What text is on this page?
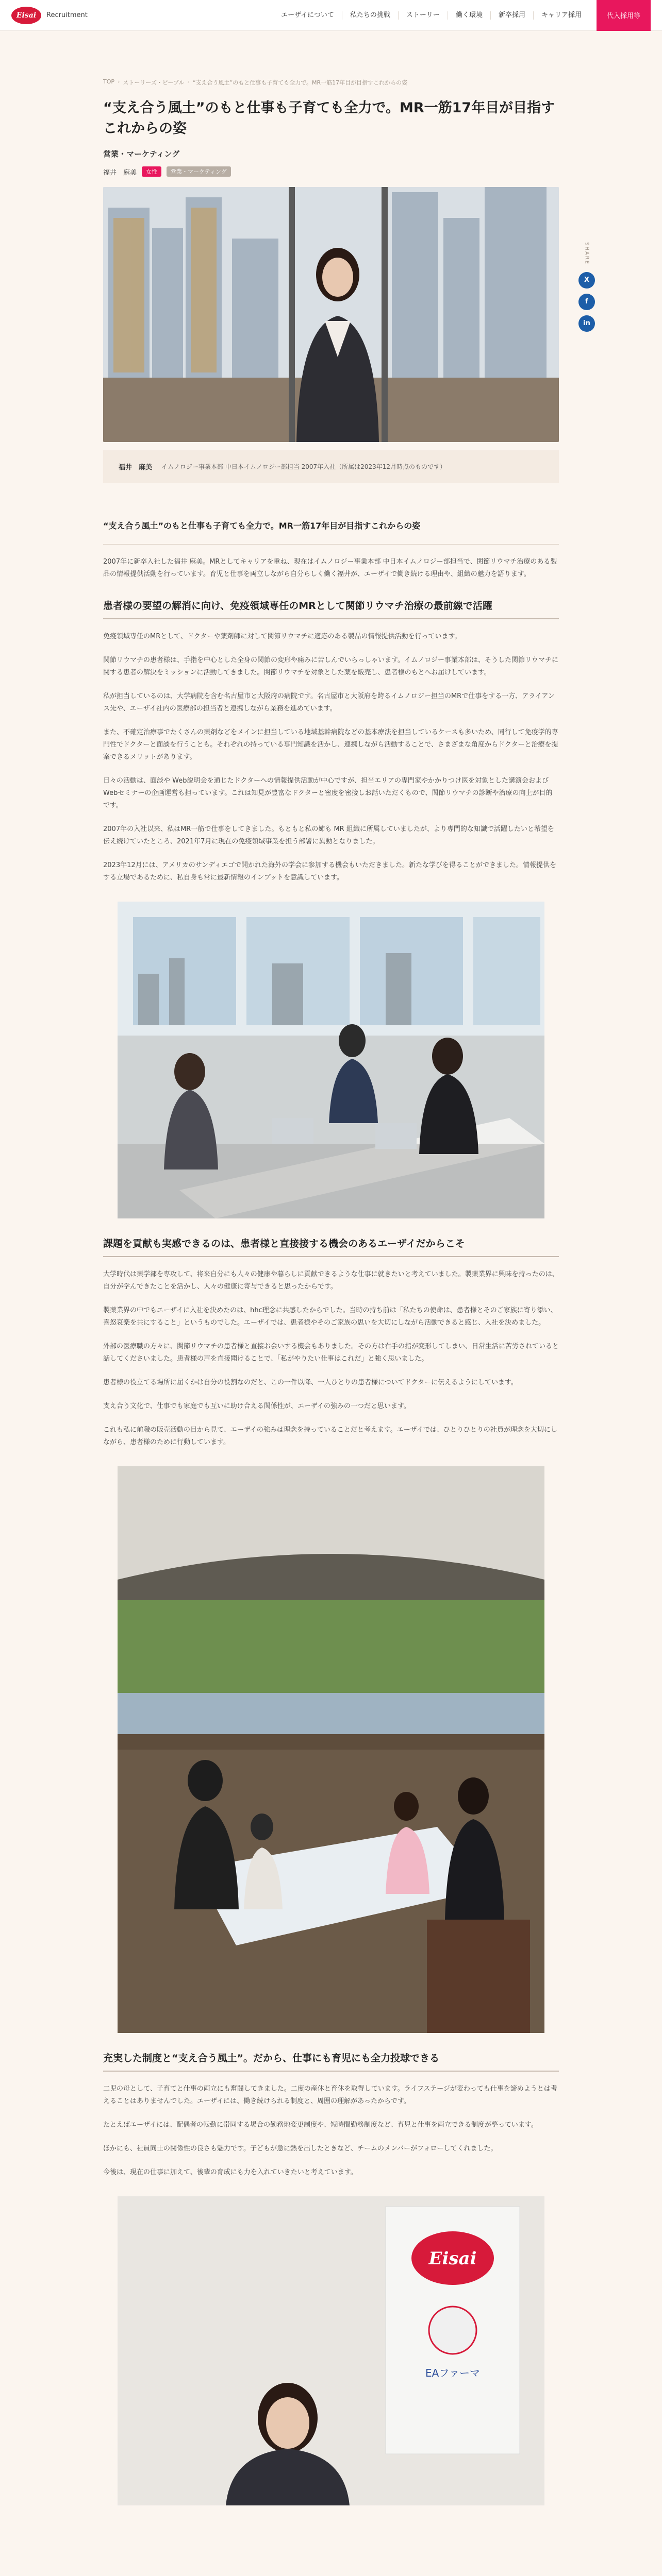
Eisai	Recruitment	エーザイについて	私たちの挑戦	ストーリー	働く環境	新卒採用	キャリア採用	代入採用等
SHARE
X
f
in
TOP › ストーリーズ・ピープル › “支え合う風土”のもと仕事も子育ても全力で。MR一筋17年目が目指すこれからの姿
“支え合う風土”のもと仕事も子育ても全力で。MR一筋17年目が目指すこれからの姿
営業・マーケティング
福井　麻美	女性	営業・マーケティング
福井　麻美 イムノロジー事業本部 中日本イムノロジー部担当 2007年入社（所属は2023年12月時点のものです）
“支え合う風土”のもと仕事も子育ても全力で。MR一筋17年目が目指すこれからの姿

2007年に新卒入社した福井 麻美。MRとしてキャリアを重ね、現在はイムノロジー事業本部 中日本イムノロジー部担当で、関節リウマチ治療のある製品の情報提供活動を行っています。育児と仕事を両立しながら自分らしく働く福井が、エーザイで働き続ける理由や、組織の魅力を語ります。

患者様の要望の解消に向け、免疫領域専任のMRとして関節リウマチ治療の最前線で活躍

免疫領域専任のMRとして、ドクターや薬剤師に対して関節リウマチに適応のある製品の情報提供活動を行っています。

関節リウマチの患者様は、手指を中心とした全身の関節の変形や痛みに苦しんでいらっしゃいます。イムノロジー事業本部は、そうした関節リウマチに関する患者の解決をミッションに活動してきました。関節リウマチを対象とした薬を販売し、患者様のもとへお届けしています。

私が担当しているのは、大学病院を含む名古屋市と大阪府の病院です。名古屋市と大阪府を跨るイムノロジー担当のMRで仕事をする一方、アライアンス先や、エーザイ社内の医療部の担当者と連携しながら業務を進めています。

また、不確定治療事でたくさんの薬剤などをメインに担当している地域基幹病院などの基本療法を担当しているケースも多いため、同行して免疫学的専門性でドクターと面談を行うことも。それぞれの持っている専門知識を活かし、連携しながら活動することで、さまざまな角度からドクターと治療を提案できるメリットがあります。

日々の活動は、面談や Web説明会を通じたドクターへの情報提供活動が中心ですが、担当エリアの専門家やかかりつけ医を対象とした講演会およびWebセミナーの企画運営も担っています。これは知見が豊富なドクターと密度を密接しお話いただくもので、関節リウマチの診断や治療の向上が目的です。

2007年の入社以来、私はMR一筋で仕事をしてきました。もともと私の姉も MR 組織に所属していましたが、より専門的な知識で活躍したいと希望を伝え続けていたところ、2021年7月に現在の免疫領域事業を担う部署に異動となりました。

2023年12月には、アメリカのサンディエゴで開かれた海外の学会に参加する機会もいただきました。新たな学びを得ることができました。情報提供をする立場であるために、私自身も常に最新情報のインプットを意識しています。

課題を貢献も実感できるのは、患者様と直接接する機会のあるエーザイだからこそ

大学時代は薬学部を専攻して、将来自分にも人々の健康や暮らしに貢献できるような仕事に就きたいと考えていました。製薬業界に興味を持ったのは、自分が学んできたことを活かし、人々の健康に寄与できると思ったからです。

製薬業界の中でもエーザイに入社を決めたのは、hhc理念に共感したからでした。当時の持ち前は「私たちの使命は、患者様とそのご家族に寄り添い、喜怒哀楽を共にすること」というものでした。エーザイでは、患者様やそのご家族の思いを大切にしながら活動できると感じ、入社を決めました。

外部の医療職の方々に、関節リウマチの患者様と直接お会いする機会もありました。その方は右手の指が変形してしまい、日常生活に苦労されていると話してくださいました。患者様の声を直接聞けることで、「私がやりたい仕事はこれだ」と強く思いました。

患者様の役立てる場所に届くかは自分の役割なのだと、この一件以降、一人ひとりの患者様についてドクターに伝えるようにしています。

支え合う文化で、仕事でも家庭でも互いに助け合える関係性が、エーザイの強みの一つだと思います。

これも私に前職の販売活動の目から見て、エーザイの強みは理念を持っていることだと考えます。エーザイでは、ひとりひとりの社員が理念を大切にしながら、患者様のために行動しています。

充実した制度と“支え合う風土”。だから、仕事にも育児にも全力投球できる

二児の母として、子育てと仕事の両立にも奮闘してきました。二度の産休と育休を取得しています。ライフステージが変わっても仕事を諦めようとは考えることはありませんでした。エーザイには、働き続けられる制度と、周囲の理解があったからです。

たとえばエーザイには、配偶者の転勤に帯同する場合の勤務地変更制度や、短時間勤務制度など、育児と仕事を両立できる制度が整っています。

ほかにも、社員同士の関係性の良さも魅力です。子どもが急に熱を出したときなど、チームのメンバーがフォローしてくれました。

今後は、現在の仕事に加えて、後輩の育成にも力を入れていきたいと考えています。

Eisai
EAファーマ
